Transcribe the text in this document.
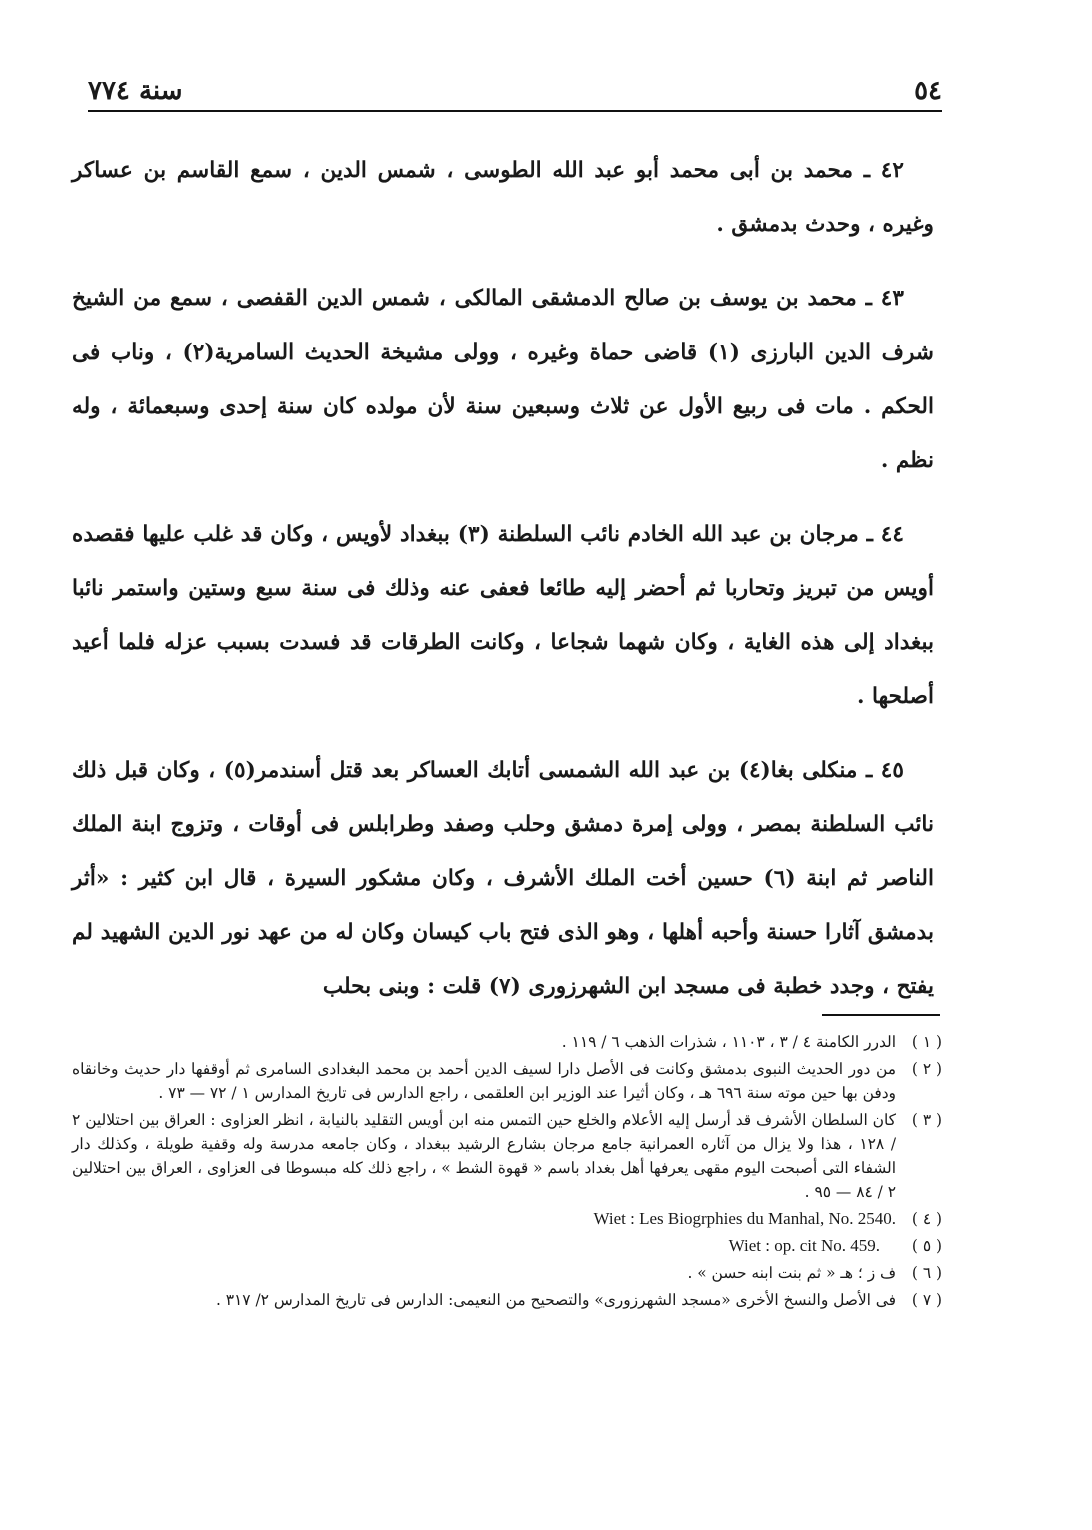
٥٤
سنة ٧٧٤

٤٢ ـ محمد بن أبى محمد أبو عبد الله الطوسى ، شمس الدين ، سمع القاسم بن عساكر وغيره ، وحدث بدمشق .

٤٣ ـ محمد بن يوسف بن صالح الدمشقى المالكى ، شمس الدين القفصى ، سمع من الشيخ شرف الدين البارزى (١) قاضى حماة وغيره ، وولى مشيخة الحديث السامرية(٢) ، وناب فى الحكم . مات فى ربيع الأول عن ثلاث وسبعين سنة لأن مولده كان سنة إحدى وسبعمائة ، وله نظم .

٤٤ ـ مرجان بن عبد الله الخادم نائب السلطنة (٣) ببغداد لأويس ، وكان قد غلب عليها فقصده أويس من تبريز وتحاربا ثم أحضر إليه طائعا فعفى عنه وذلك فى سنة سبع وستين واستمر نائبا ببغداد إلى هذه الغاية ، وكان شهما شجاعا ، وكانت الطرقات قد فسدت بسبب عزله فلما أعيد أصلحها .

٤٥ ـ منكلى بغا(٤) بن عبد الله الشمسى أتابك العساكر بعد قتل أسندمر(٥) ، وكان قبل ذلك نائب السلطنة بمصر ، وولى إمرة دمشق وحلب وصفد وطرابلس فى أوقات ، وتزوج ابنة الملك الناصر ثم ابنة (٦) حسين أخت الملك الأشرف ، وكان مشكور السيرة ، قال ابن كثير : «أثر بدمشق آثارا حسنة وأحبه أهلها ، وهو الذى فتح باب كيسان وكان له من عهد نور الدين الشهيد لم يفتح ، وجدد خطبة فى مسجد ابن الشهرزورى (٧) قلت : وبنى بحلب

( ١ )
الدرر الكامنة ٤ / ٣ ، ١١٠٣ ، شذرات الذهب ٦ / ١١٩ .
( ٢ )
من دور الحديث النبوى بدمشق وكانت فى الأصل دارا لسيف الدين أحمد بن محمد البغدادى السامرى ثم أوقفها دار حديث وخانقاه ودفن بها حين موته سنة ٦٩٦ هـ ، وكان أثيرا عند الوزير ابن العلقمى ، راجع الدارس فى تاريخ المدارس ١ / ٧٢ — ٧٣ .
( ٣ )
كان السلطان الأشرف قد أرسل إليه الأعلام والخلع حين التمس منه ابن أويس التقليد بالنيابة ، انظر العزاوى : العراق بين احتلالين ٢ / ١٢٨ ، هذا ولا يزال من آثاره العمرانية جامع مرجان بشارع الرشيد ببغداد ، وكان جامعه مدرسة وله وقفية طويلة ، وكذلك دار الشفاء التى أصبحت اليوم مقهى يعرفها أهل بغداد باسم « قهوة الشط » ، راجع ذلك كله مبسوطا فى العزاوى ، العراق بين احتلالين ٢ / ٨٤ — ٩٥ .
( ٤ )
Wiet : Les Biogrphies du Manhal, No. 2540.
( ٥ )
Wiet : op. cit No. 459.
( ٦ )
ف ز ؛ هـ « ثم بنت ابنه حسن » .
( ٧ )
فى الأصل والنسخ الأخرى «مسجد الشهرزورى» والتصحيح من النعيمى: الدارس فى تاريخ المدارس ٢/ ٣١٧ .
